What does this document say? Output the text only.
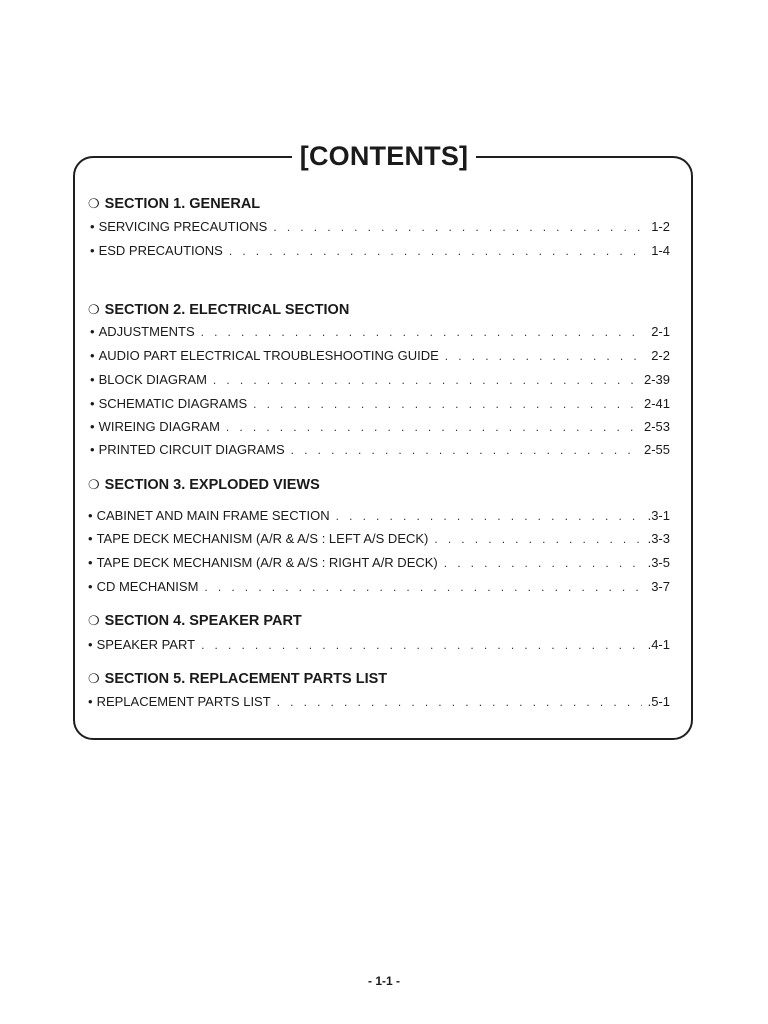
[CONTENTS]
❍ SECTION 1. GENERAL
• SERVICING PRECAUTIONS . . .	1-2
• ESD PRECAUTIONS . . .	1-4
❍ SECTION 2. ELECTRICAL SECTION
• ADJUSTMENTS . . .	2-1
• AUDIO PART ELECTRICAL TROUBLESHOOTING GUIDE . . .	2-2
• BLOCK DIAGRAM . . .	2-39
• SCHEMATIC DIAGRAMS . . .	2-41
• WIREING DIAGRAM . . .	2-53
• PRINTED CIRCUIT DIAGRAMS . . .	2-55
❍ SECTION 3. EXPLODED VIEWS
• CABINET AND MAIN FRAME SECTION . . .	.3-1
• TAPE DECK MECHANISM (A/R & A/S : LEFT A/S DECK) . . .	.3-3
• TAPE DECK MECHANISM (A/R & A/S : RIGHT A/R DECK) . . .	.3-5
• CD MECHANISM . . .	3-7
❍ SECTION 4. SPEAKER PART
• SPEAKER PART . . .	.4-1
❍ SECTION 5. REPLACEMENT PARTS LIST
• REPLACEMENT PARTS LIST . . .	.5-1
- 1-1 -
